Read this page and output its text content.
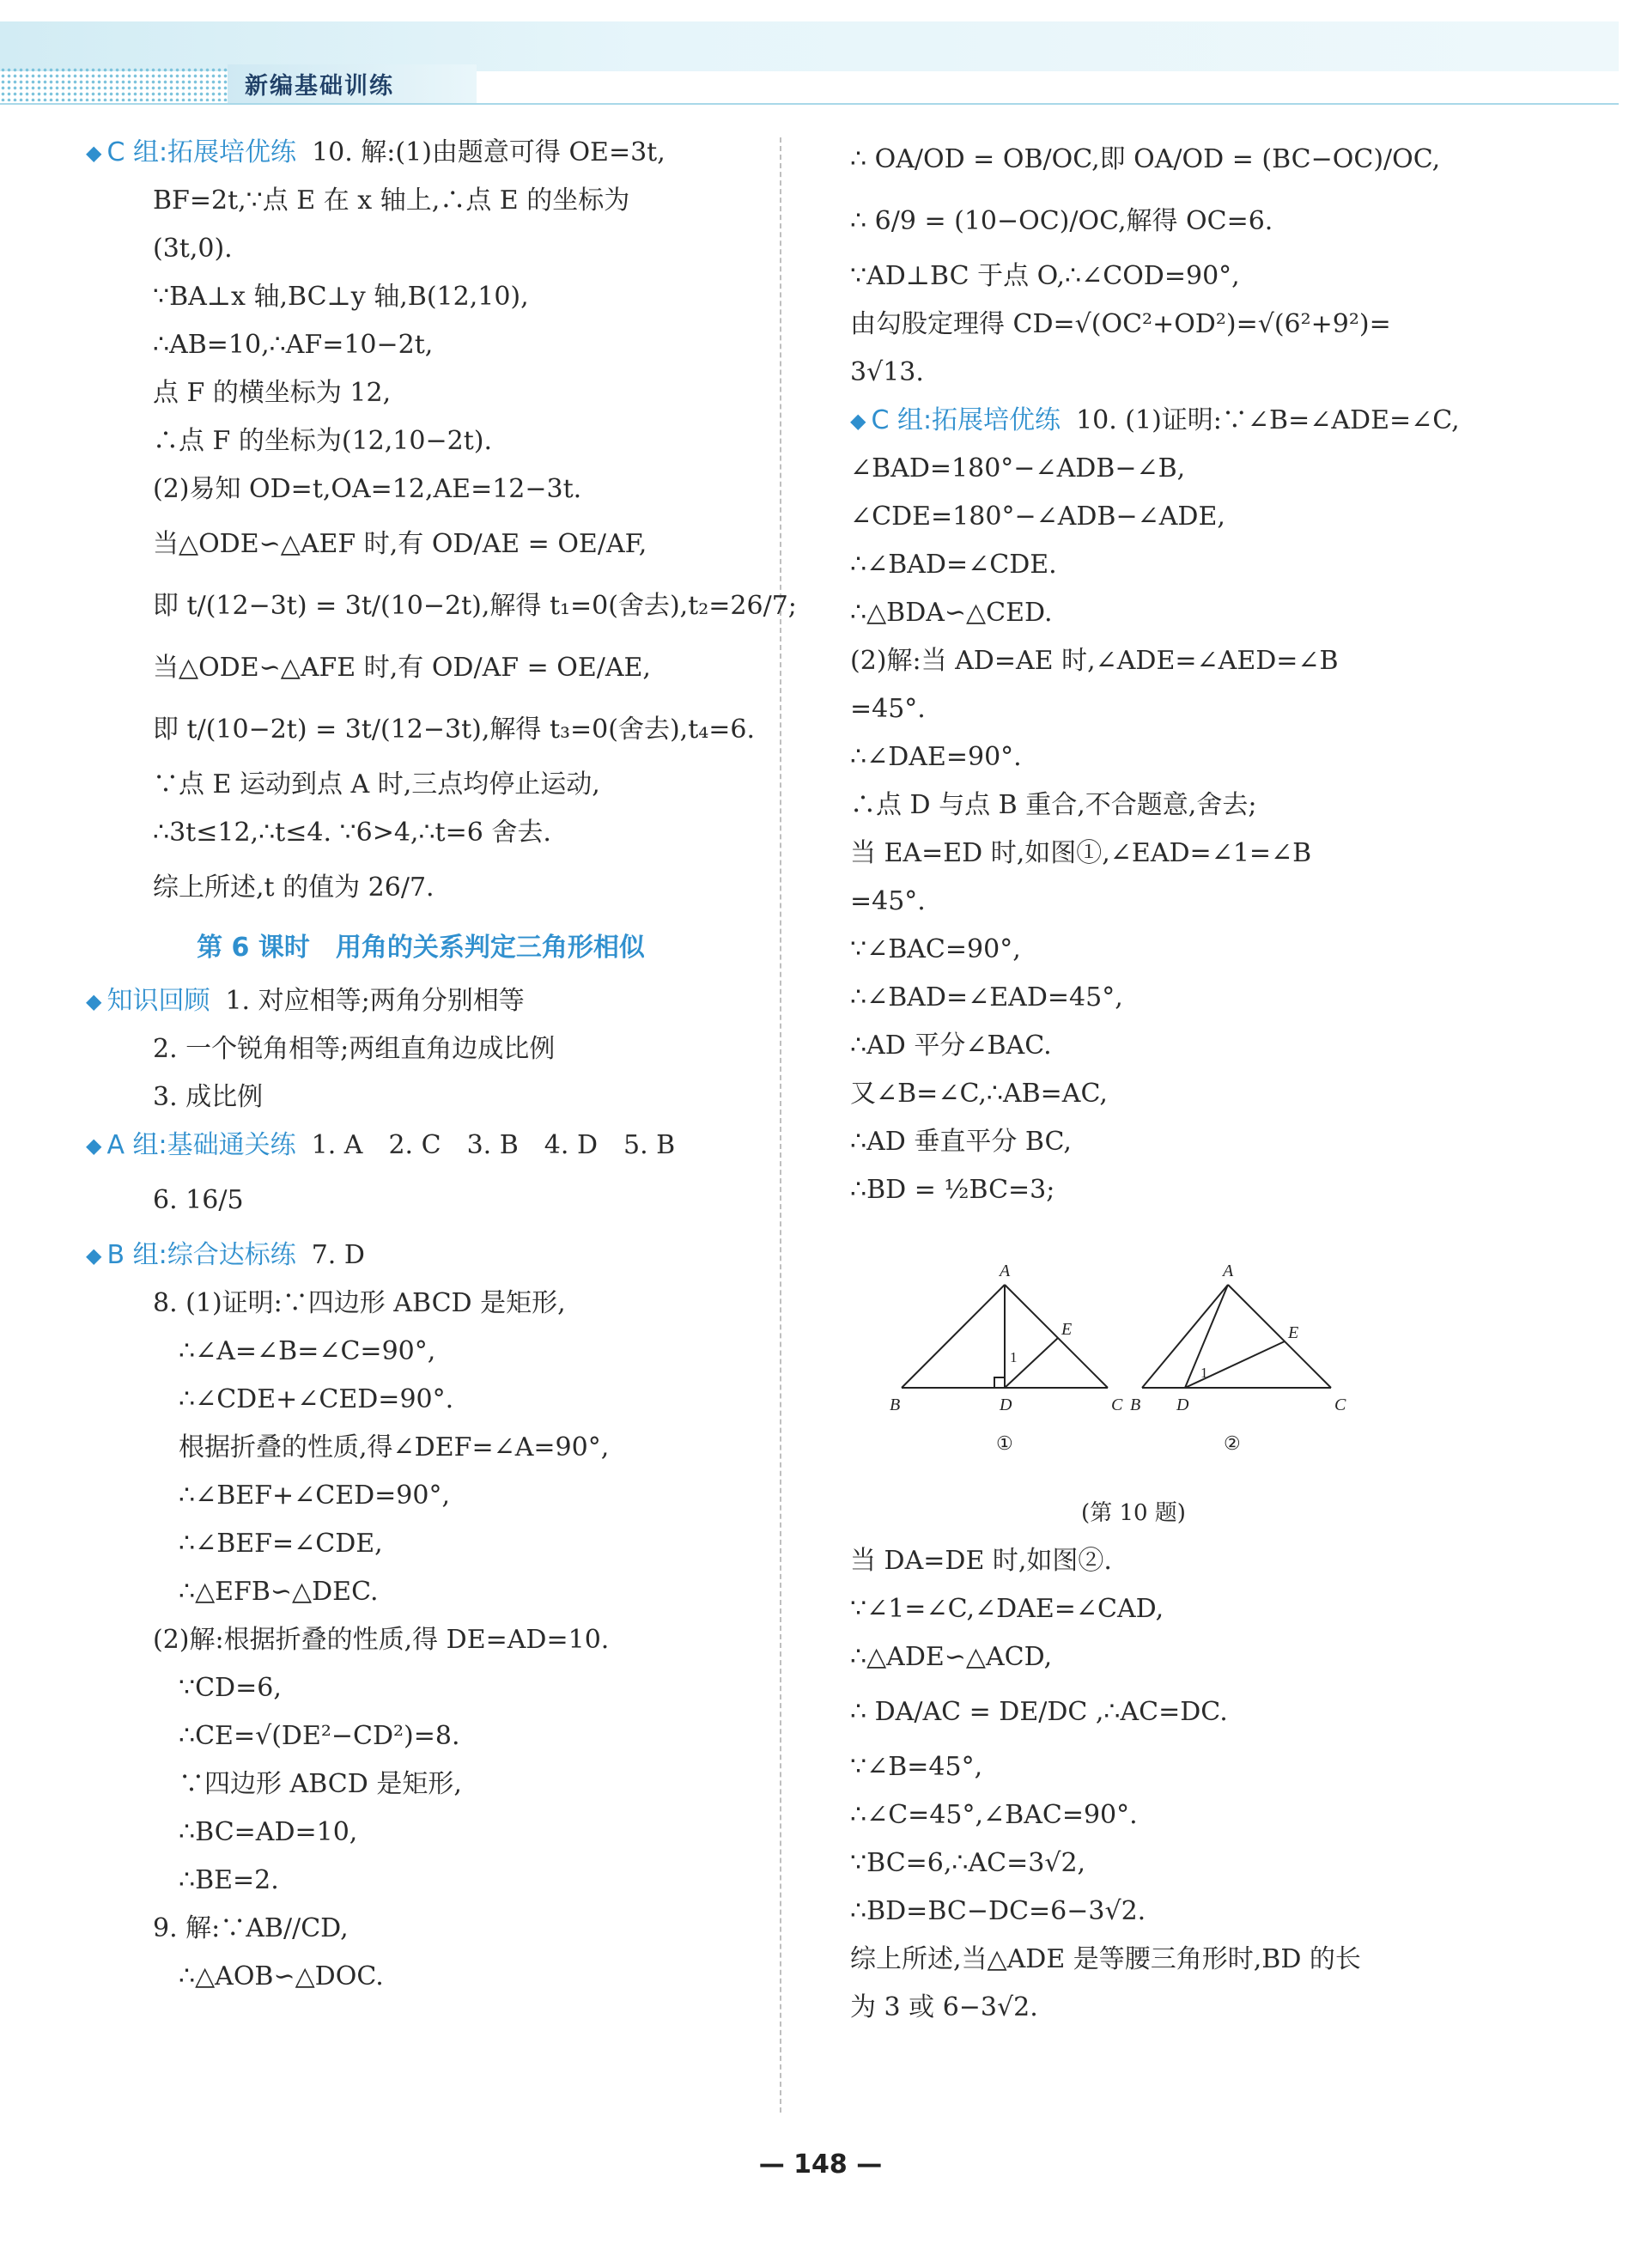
新编基础训练
◆ C 组:拓展培优练 10. 解:(1)由题意可得 OE=3t,
BF=2t,∵点 E 在 x 轴上,∴点 E 的坐标为
(3t,0).
∵BA⊥x 轴,BC⊥y 轴,B(12,10),
∴AB=10,∴AF=10−2t,
点 F 的横坐标为 12,
∴点 F 的坐标为(12,10−2t).
(2)易知 OD=t,OA=12,AE=12−3t.
当△ODE∽△AEF 时,有 OD/AE = OE/AF,
即 t/(12−3t) = 3t/(10−2t),解得 t₁=0(舍去),t₂=26/7;
当△ODE∽△AFE 时,有 OD/AF = OE/AE,
即 t/(10−2t) = 3t/(12−3t),解得 t₃=0(舍去),t₄=6.
∵点 E 运动到点 A 时,三点均停止运动,
∴3t≤12,∴t≤4. ∵6>4,∴t=6 舍去.
综上所述,t 的值为 26/7.
第 6 课时　用角的关系判定三角形相似
◆ 知识回顾 1. 对应相等;两角分别相等
2. 一个锐角相等;两组直角边成比例
3. 成比例
◆ A 组:基础通关练 1. A　2. C　3. B　4. D　5. B
6. 16/5
◆ B 组:综合达标练 7. D
8. (1)证明:∵四边形 ABCD 是矩形,
∴∠A=∠B=∠C=90°,
∴∠CDE+∠CED=90°.
根据折叠的性质,得∠DEF=∠A=90°,
∴∠BEF+∠CED=90°,
∴∠BEF=∠CDE,
∴△EFB∽△DEC.
(2)解:根据折叠的性质,得 DE=AD=10.
∵CD=6,
∴CE=√(DE²−CD²)=8.
∵四边形 ABCD 是矩形,
∴BC=AD=10,
∴BE=2.
9. 解:∵AB//CD,
∴△AOB∽△DOC.
∴ OA/OD = OB/OC,即 OA/OD = (BC−OC)/OC,
∴ 6/9 = (10−OC)/OC,解得 OC=6.
∵AD⊥BC 于点 O,∴∠COD=90°,
由勾股定理得 CD=√(OC²+OD²)=√(6²+9²)=
3√13.
◆ C 组:拓展培优练 10. (1)证明:∵∠B=∠ADE=∠C,
∠BAD=180°−∠ADB−∠B,
∠CDE=180°−∠ADB−∠ADE,
∴∠BAD=∠CDE.
∴△BDA∽△CED.
(2)解:当 AD=AE 时,∠ADE=∠AED=∠B
=45°.
∴∠DAE=90°.
∴点 D 与点 B 重合,不合题意,舍去;
当 EA=ED 时,如图①,∠EAD=∠1=∠B
=45°.
∵∠BAC=90°,
∴∠BAD=∠EAD=45°,
∴AD 平分∠BAC.
又∠B=∠C,∴AB=AC,
∴AD 垂直平分 BC,
∴BD = ½BC=3;
A
B	D	C
E
1
①
A
B D	C
E
1
②
(第 10 题)
当 DA=DE 时,如图②.
∵∠1=∠C,∠DAE=∠CAD,
∴△ADE∽△ACD,
∴ DA/AC = DE/DC ,∴AC=DC.
∵∠B=45°,
∴∠C=45°,∠BAC=90°.
∵BC=6,∴AC=3√2,
∴BD=BC−DC=6−3√2.
综上所述,当△ADE 是等腰三角形时,BD 的长
为 3 或 6−3√2.
— 148 —
